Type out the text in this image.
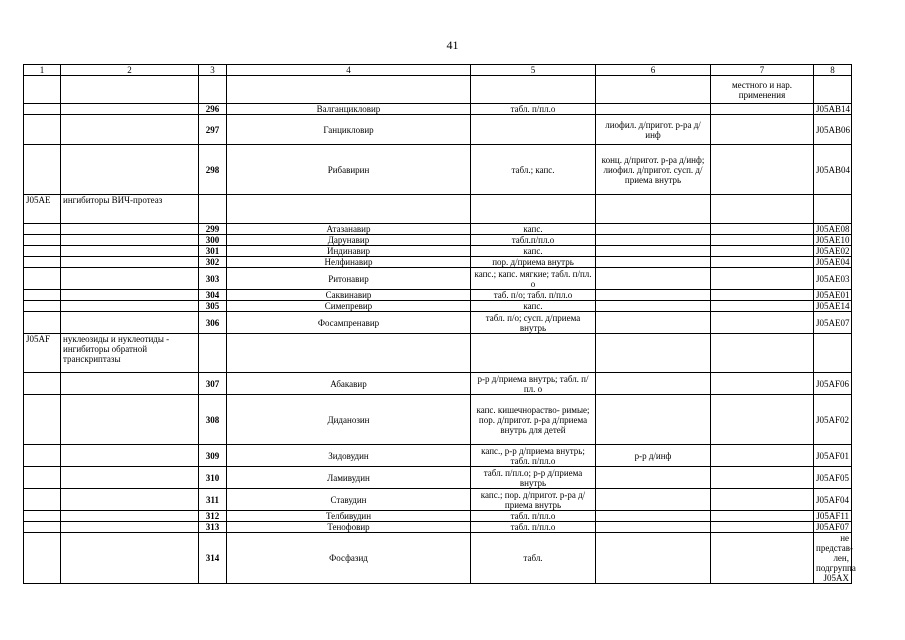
41
1	2	3	4	5	6	7	8
						местного и нар. применения	
		296	Валганцикловир	табл. п/пл.о			J05AB14
		297	Ганцикловир		лиофил. д/пригот. р-ра д/инф		J05AB06
		298	Рибавирин	табл.; капс.	конц. д/пригот. р-ра д/инф; лиофил. д/пригот. сусп. д/приема внутрь		J05AB04
J05AE	ингибиторы ВИЧ-протеаз						
		299	Атазанавир	капс.			J05AE08
		300	Дарунавир	табл.п/пл.о			J05AE10
		301	Индинавир	капс.			J05AE02
		302	Нелфинавир	пор. д/приема внутрь			J05AE04
		303	Ритонавир	капс.; капс. мягкие; табл. п/пл. о			J05AE03
		304	Саквинавир	таб. п/о; табл. п/пл.о			J05AE01
		305	Симепревир	капс.			J05AE14
		306	Фосампренавир	табл. п/о; сусп. д/приема внутрь			J05AE07
J05AF	нуклеозиды и нуклеотиды - ингибиторы обратной транскриптазы						
		307	Абакавир	р-р д/приема внутрь; табл. п/пл. о			J05AF06
		308	Диданозин	капс. кишечнораство- римые; пор. д/пригот. р-ра д/приема внутрь для детей			J05AF02
		309	Зидовудин	капс., р-р д/приема внутрь; табл. п/пл.о	р-р д/инф		J05AF01
		310	Ламивудин	табл. п/пл.о; р-р д/приема внутрь			J05AF05
		311	Ставудин	капс.; пор. д/пригот. р-ра д/приема внутрь			J05AF04
		312	Телбивудин	табл. п/пл.о			J05AF11
		313	Тенофовир	табл. п/пл.о			J05AF07
		314	Фосфазид	табл.			не представ- лен, подгруппа J05AX
